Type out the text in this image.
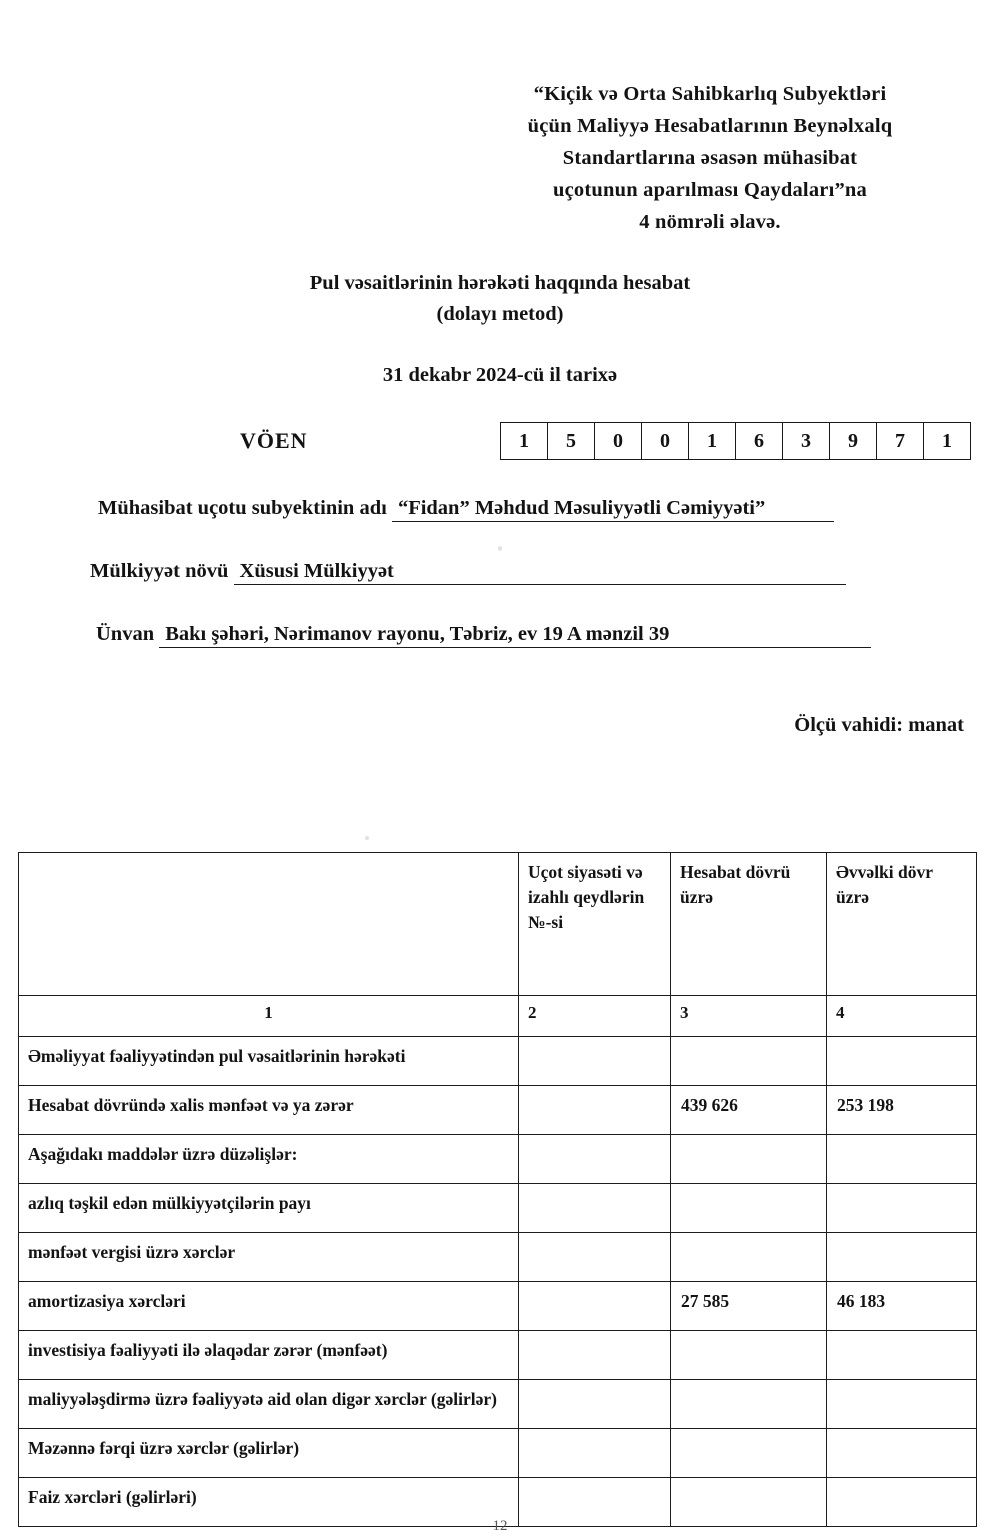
“Kiçik və Orta Sahibkarlıq Subyektləri
üçün Maliyyə Hesabatlarının Beynəlxalq
Standartlarına əsasən mühasibat
uçotunun aparılması Qaydaları”na
4 nömrəli əlavə.
Pul vəsaitlərinin hərəkəti haqqında hesabat
(dolayı metod)
31 dekabr 2024-cü il tarixə
VÖEN	1	5	0	0	1	6	3	9	7	1
Mühasibat uçotu subyektinin adı “Fidan” Məhdud Məsuliyyətli Cəmiyyəti”
Mülkiyyət növü Xüsusi Mülkiyyət
Ünvan Bakı şəhəri, Nərimanov rayonu, Təbriz, ev 19 A mənzil 39
Ölçü vahidi: manat
	Uçot siyasəti və izahlı qeydlərin №-si	Hesabat dövrü üzrə	Əvvəlki dövr üzrə
1	2	3	4
Əməliyyat fəaliyyətindən pul vəsaitlərinin hərəkəti			
Hesabat dövründə xalis mənfəət və ya zərər		439 626	253 198
Aşağıdakı maddələr üzrə düzəlişlər:			
azlıq təşkil edən mülkiyyətçilərin payı			
mənfəət vergisi üzrə xərclər			
amortizasiya xərcləri		27 585	46 183
investisiya fəaliyyəti ilə əlaqədar zərər (mənfəət)			
maliyyələşdirmə üzrə fəaliyyətə aid olan digər xərclər (gəlirlər)			
Məzənnə fərqi üzrə xərclər (gəlirlər)			
Faiz xərcləri (gəlirləri)			
12
